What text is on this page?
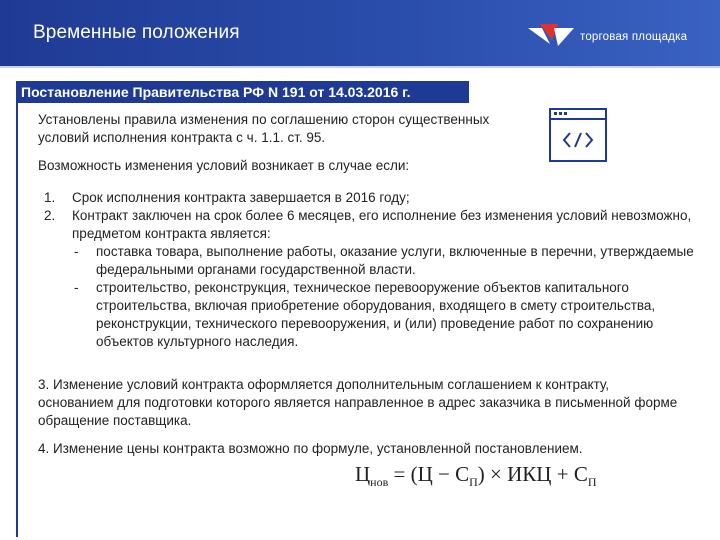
Временные положения	торговая площадка
Постановление Правительства РФ N 191 от 14.03.2016 г.
Установлены правила изменения по соглашению сторон существенных условий исполнения контракта с ч. 1.1. ст. 95.
Возможность изменения условий возникает в случае если:
1. Срок исполнения контракта завершается в 2016 году;
2. Контракт заключен на срок более 6 месяцев, его исполнение без изменения условий невозможно, предметом контракта является:
- поставка товара, выполнение работы, оказание услуги, включенные в перечни, утверждаемые федеральными органами государственной власти.
- строительство, реконструкция, техническое перевооружение объектов капитального строительства, включая приобретение оборудования, входящего в смету строительства, реконструкции, технического перевооружения, и (или) проведение работ по сохранению объектов культурного наследия.
3. Изменение условий контракта оформляется дополнительным соглашением к контракту, основанием для подготовки которого является направленное в адрес заказчика в письменной форме обращение поставщика.
4. Изменение цены контракта возможно по формуле, установленной постановлением.
$Ц_{нов} = (Ц - С_П)$ × ИКЦ + $С_П$
